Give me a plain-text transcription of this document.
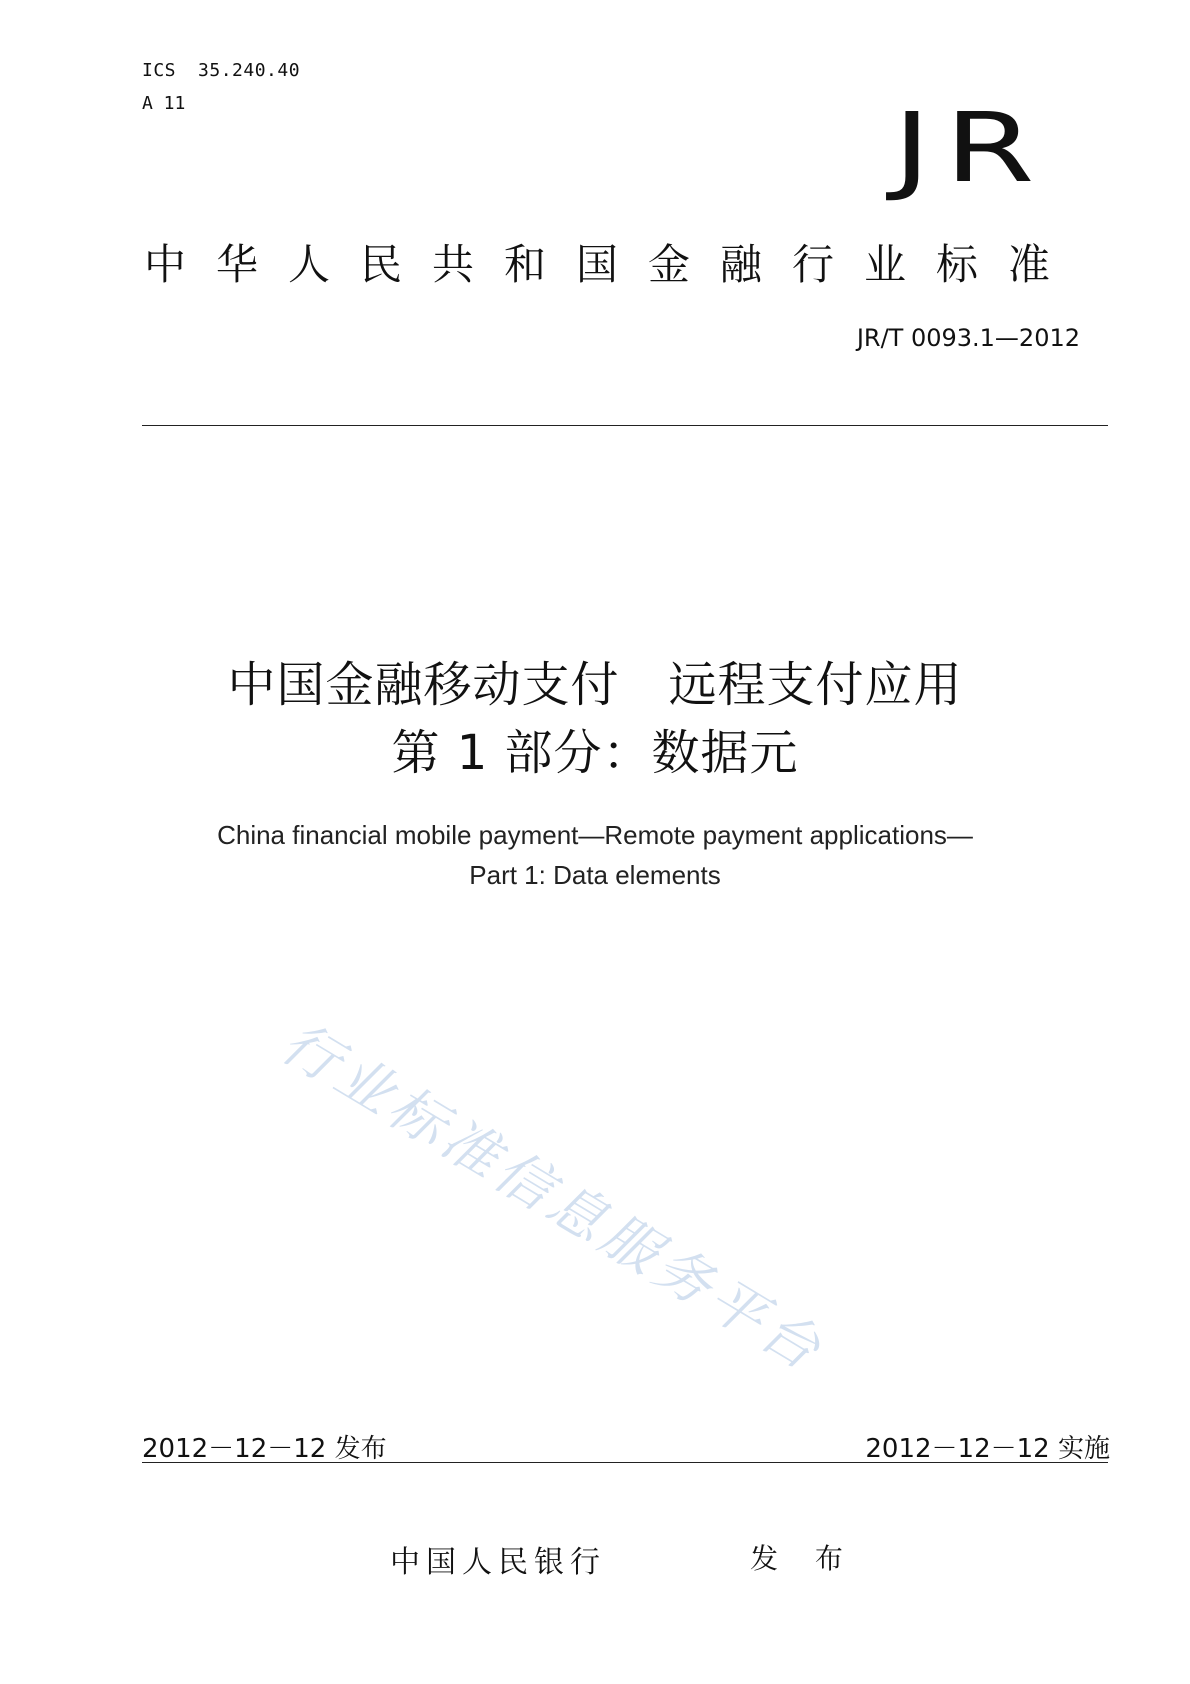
ICS 35.240.40
A 11	JR
中华人民共和国金融行业标准
JR/T 0093.1—2012
中国金融移动支付　远程支付应用
第 1 部分：数据元
China financial mobile payment—Remote payment applications—
Part 1: Data elements
行业标准信息服务平台
2012－12－12 发布	2012－12－12 实施
中国人民银行	发 布
